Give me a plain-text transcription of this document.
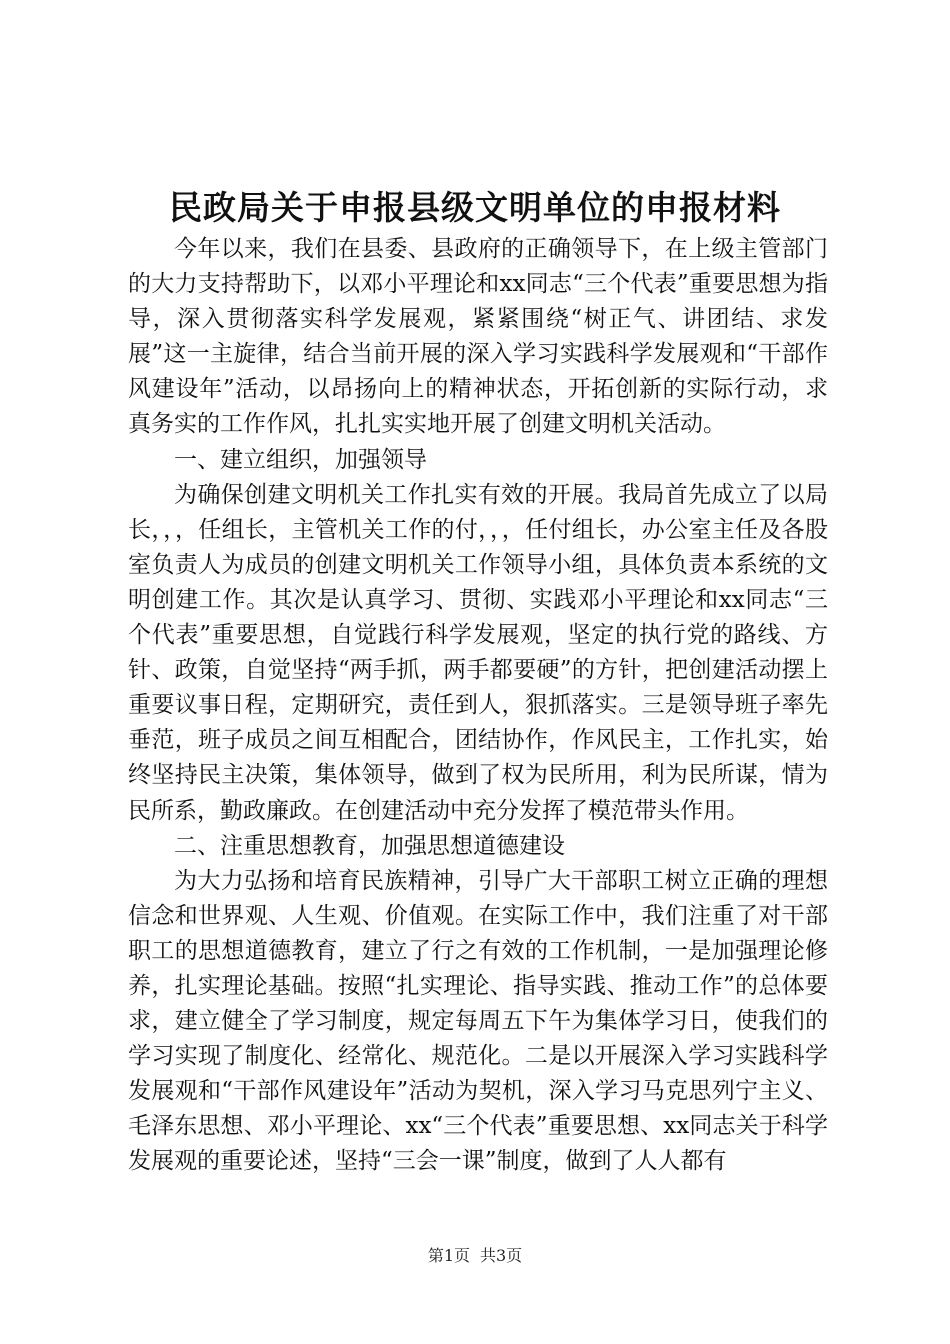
民政局关于申报县级文明单位的申报材料

今年以来，我们在县委、县政府的正确领导下，在上级主管部门的大力支持帮助下，以邓小平理论和xx同志“三个代表”重要思想为指导，深入贯彻落实科学发展观，紧紧围绕“树正气、讲团结、求发展”这一主旋律，结合当前开展的深入学习实践科学发展观和“干部作风建设年”活动，以昂扬向上的精神状态，开拓创新的实际行动，求真务实的工作作风，扎扎实实地开展了创建文明机关活动。

一、建立组织，加强领导

为确保创建文明机关工作扎实有效的开展。我局首先成立了以局长，，，任组长，主管机关工作的付，，，任付组长，办公室主任及各股室负责人为成员的创建文明机关工作领导小组，具体负责本系统的文明创建工作。其次是认真学习、贯彻、实践邓小平理论和xx同志“三个代表”重要思想，自觉践行科学发展观，坚定的执行党的路线、方针、政策，自觉坚持“两手抓，两手都要硬”的方针，把创建活动摆上重要议事日程，定期研究，责任到人，狠抓落实。三是领导班子率先垂范，班子成员之间互相配合，团结协作，作风民主，工作扎实，始终坚持民主决策，集体领导，做到了权为民所用，利为民所谋，情为民所系，勤政廉政。在创建活动中充分发挥了模范带头作用。

二、注重思想教育，加强思想道德建设

为大力弘扬和培育民族精神，引导广大干部职工树立正确的理想信念和世界观、人生观、价值观。在实际工作中，我们注重了对干部职工的思想道德教育，建立了行之有效的工作机制，一是加强理论修养，扎实理论基础。按照“扎实理论、指导实践、推动工作”的总体要求，建立健全了学习制度，规定每周五下午为集体学习日，使我们的学习实现了制度化、经常化、规范化。二是以开展深入学习实践科学发展观和“干部作风建设年”活动为契机，深入学习马克思列宁主义、毛泽东思想、邓小平理论、xx“三个代表”重要思想、xx同志关于科学发展观的重要论述，坚持“三会一课”制度，做到了人人都有

第1页 共3页
